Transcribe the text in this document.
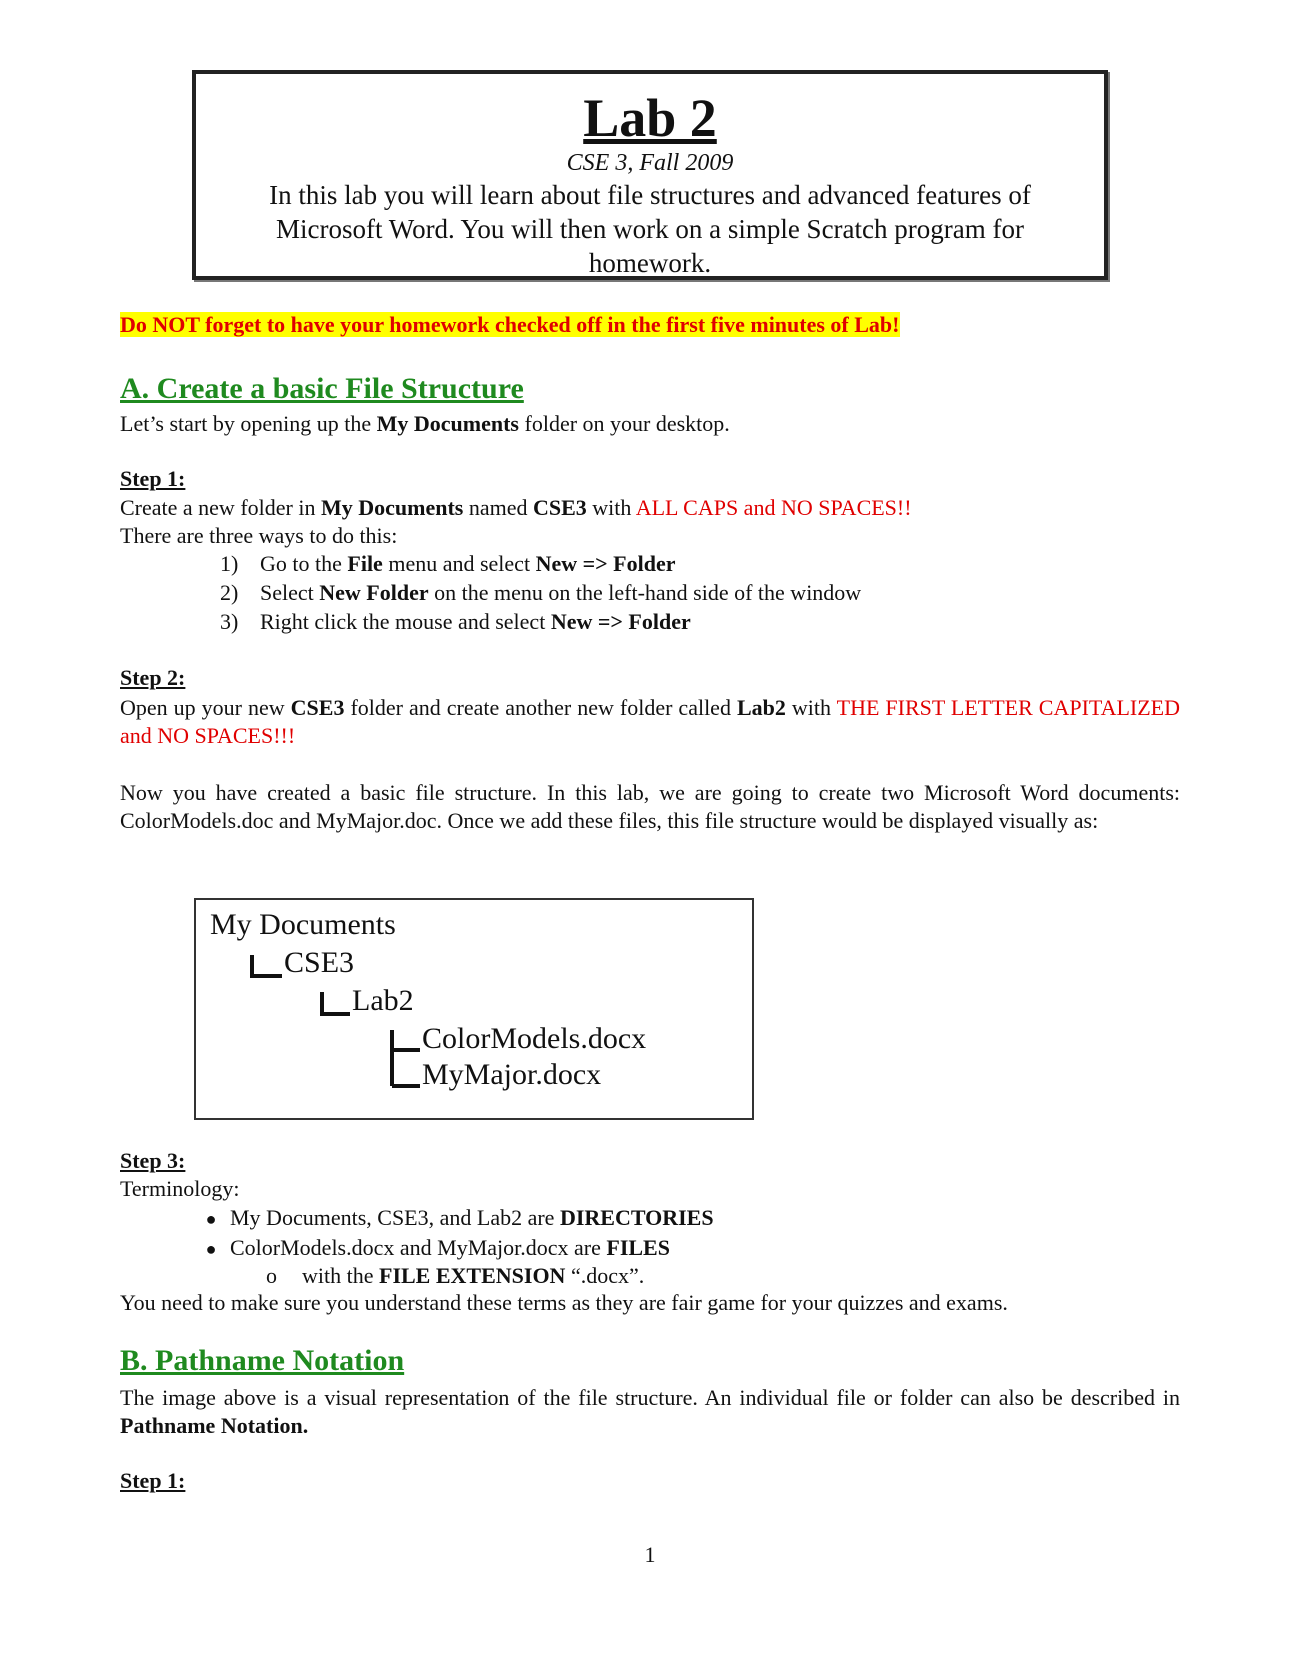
Lab 2
CSE 3, Fall 2009
In this lab you will learn about file structures and advanced features of Microsoft Word. You will then work on a simple Scratch program for homework.
Do NOT forget to have your homework checked off in the first five minutes of Lab!
A. Create a basic File Structure
Let’s start by opening up the My Documents folder on your desktop.
Step 1:
Create a new folder in My Documents named CSE3 with ALL CAPS and NO SPACES!!
There are three ways to do this:
1) Go to the File menu and select New => Folder
2) Select New Folder on the menu on the left-hand side of the window
3) Right click the mouse and select New => Folder
Step 2:
Open up your new CSE3 folder and create another new folder called Lab2 with THE FIRST LETTER CAPITALIZED and NO SPACES!!!
Now you have created a basic file structure. In this lab, we are going to create two Microsoft Word documents: ColorModels.doc and MyMajor.doc. Once we add these files, this file structure would be displayed visually as:
My Documents
CSE3
Lab2
ColorModels.docx
MyMajor.docx
Step 3:
Terminology:
● My Documents, CSE3, and Lab2 are DIRECTORIES
● ColorModels.docx and MyMajor.docx are FILES
o with the FILE EXTENSION “.docx”.
You need to make sure you understand these terms as they are fair game for your quizzes and exams.
B. Pathname Notation
The image above is a visual representation of the file structure. An individual file or folder can also be described in Pathname Notation.
Step 1:
1
